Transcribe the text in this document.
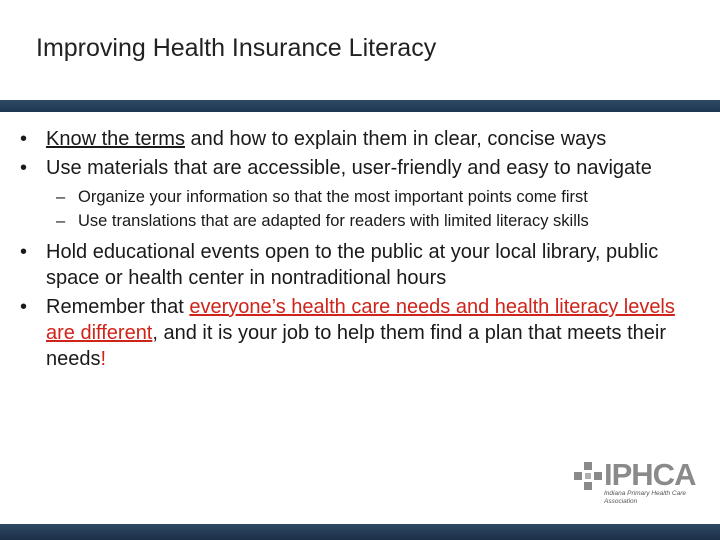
Improving Health Insurance Literacy
• Know the terms and how to explain them in clear, concise ways
• Use materials that are accessible, user-friendly and easy to navigate
– Organize your information so that the most important points come first
– Use translations that are adapted for readers with limited literacy skills
• Hold educational events open to the public at your local library, public space or health center in nontraditional hours
• Remember that everyone’s health care needs and health literacy levels are different, and it is your job to help them find a plan that meets their needs!
IPHCA
Indiana Primary Health Care Association
